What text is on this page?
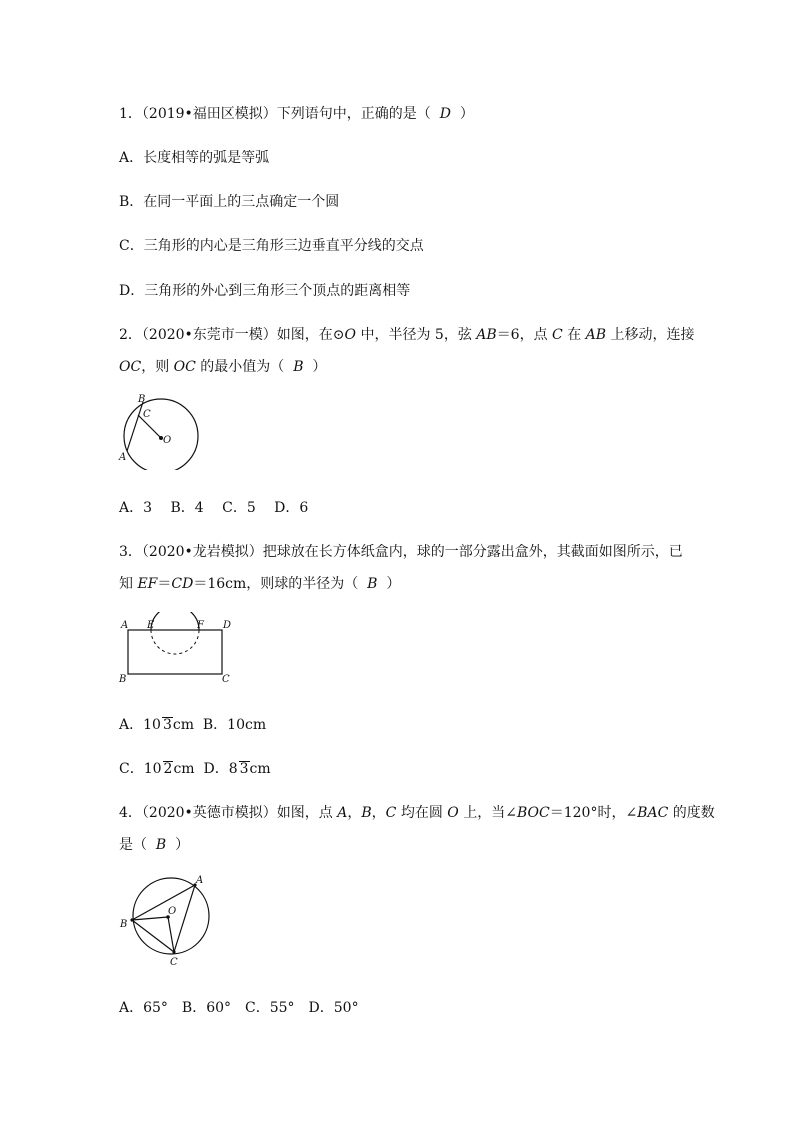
1．（2019•福田区模拟）下列语句中，正确的是（ D ）
A．长度相等的弧是等弧
B．在同一平面上的三点确定一个圆
C．三角形的内心是三角形三边垂直平分线的交点
D．三角形的外心到三角形三个顶点的距离相等
2．（2020•东莞市一模）如图，在⊙O 中，半径为 5，弦 AB＝6，点 C 在 AB 上移动，连接
OC，则 OC 的最小值为（ B ）
B
C
O
A
A．3　 B．4　 C．5　 D．6
3．（2020•龙岩模拟）把球放在长方体纸盒内，球的一部分露出盒外，其截面如图所示，已
知 EF＝CD＝16cm，则球的半径为（ B ）
A E	F D
B	C
A．10 3cm B．10cm
C．10 2cm D．8 3cm
4．（2020•英德市模拟）如图，点 A，B，C 均在圆 O 上，当∠BOC＝120°时，∠BAC 的度数
是（ B ）
A
O
B
C
A．65°　B．60°　C．55°　D．50°
